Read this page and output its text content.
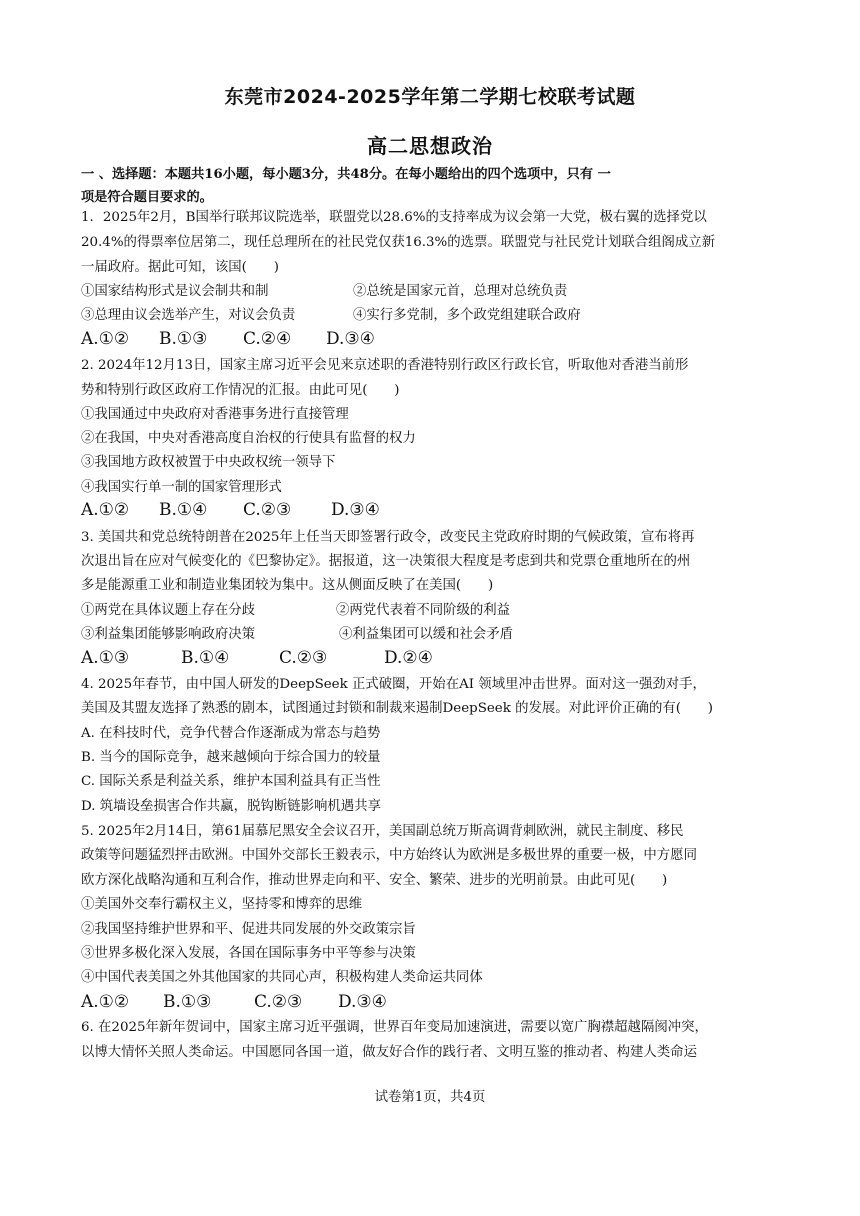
东莞市2024-2025学年第二学期七校联考试题
高二思想政治
一 、选择题：本题共16小题，每小题3分，共48分。在每小题给出的四个选项中，只有 一
项是符合题目要求的。
1．2025年2月，B国举行联邦议院选举，联盟党以28.6%的支持率成为议会第一大党，极右翼的选择党以
20.4%的得票率位居第二，现任总理所在的社民党仅获16.3%的选票。联盟党与社民党计划联合组阁成立新
一届政府。据此可知，该国(　　)
①国家结构形式是议会制共和制	②总统是国家元首，总理对总统负责
③总理由议会选举产生，对议会负责	④实行多党制，多个政党组建联合政府
A.①② B.①③ C.②④ D.③④
2. 2024年12月13日，国家主席习近平会见来京述职的香港特别行政区行政长官，听取他对香港当前形
势和特别行政区政府工作情况的汇报。由此可见(　　)
①我国通过中央政府对香港事务进行直接管理
②在我国，中央对香港高度自治权的行使具有监督的权力
③我国地方政权被置于中央政权统一领导下
④我国实行单一制的国家管理形式
A.①② B.①④ C.②③ D.③④
3. 美国共和党总统特朗普在2025年上任当天即签署行政令，改变民主党政府时期的气候政策，宣布将再
次退出旨在应对气候变化的《巴黎协定》。据报道，这一决策很大程度是考虑到共和党票仓重地所在的州
多是能源重工业和制造业集团较为集中。这从侧面反映了在美国(　　)
①两党在具体议题上存在分歧	②两党代表着不同阶级的利益
③利益集团能够影响政府决策	④利益集团可以缓和社会矛盾
A.①③	B.①④	C.②③	D.②④
4. 2025年春节，由中国人研发的DeepSeek 正式破圈，开始在AI 领域里冲击世界。面对这一强劲对手，
美国及其盟友选择了熟悉的剧本，试图通过封锁和制裁来遏制DeepSeek 的发展。对此评价正确的有(　　)
A. 在科技时代，竞争代替合作逐渐成为常态与趋势
B. 当今的国际竞争，越来越倾向于综合国力的较量
C. 国际关系是利益关系，维护本国利益具有正当性
D. 筑墙设垒损害合作共赢，脱钩断链影响机遇共享
5. 2025年2月14日，第61届慕尼黑安全会议召开，美国副总统万斯高调背刺欧洲，就民主制度、移民
政策等问题猛烈抨击欧洲。中国外交部长王毅表示，中方始终认为欧洲是多极世界的重要一极，中方愿同
欧方深化战略沟通和互利合作，推动世界走向和平、安全、繁荣、进步的光明前景。由此可见(　　)
①美国外交奉行霸权主义，坚持零和博弈的思维
②我国坚持维护世界和平、促进共同发展的外交政策宗旨
③世界多极化深入发展，各国在国际事务中平等参与决策
④中国代表美国之外其他国家的共同心声，积极构建人类命运共同体
A.①② B.①③	C.②③ D.③④
6. 在2025年新年贺词中，国家主席习近平强调，世界百年变局加速演进，需要以宽广胸襟超越隔阂冲突，
以博大情怀关照人类命运。中国愿同各国一道，做友好合作的践行者、文明互鉴的推动者、构建人类命运
试卷第1页，共4页
